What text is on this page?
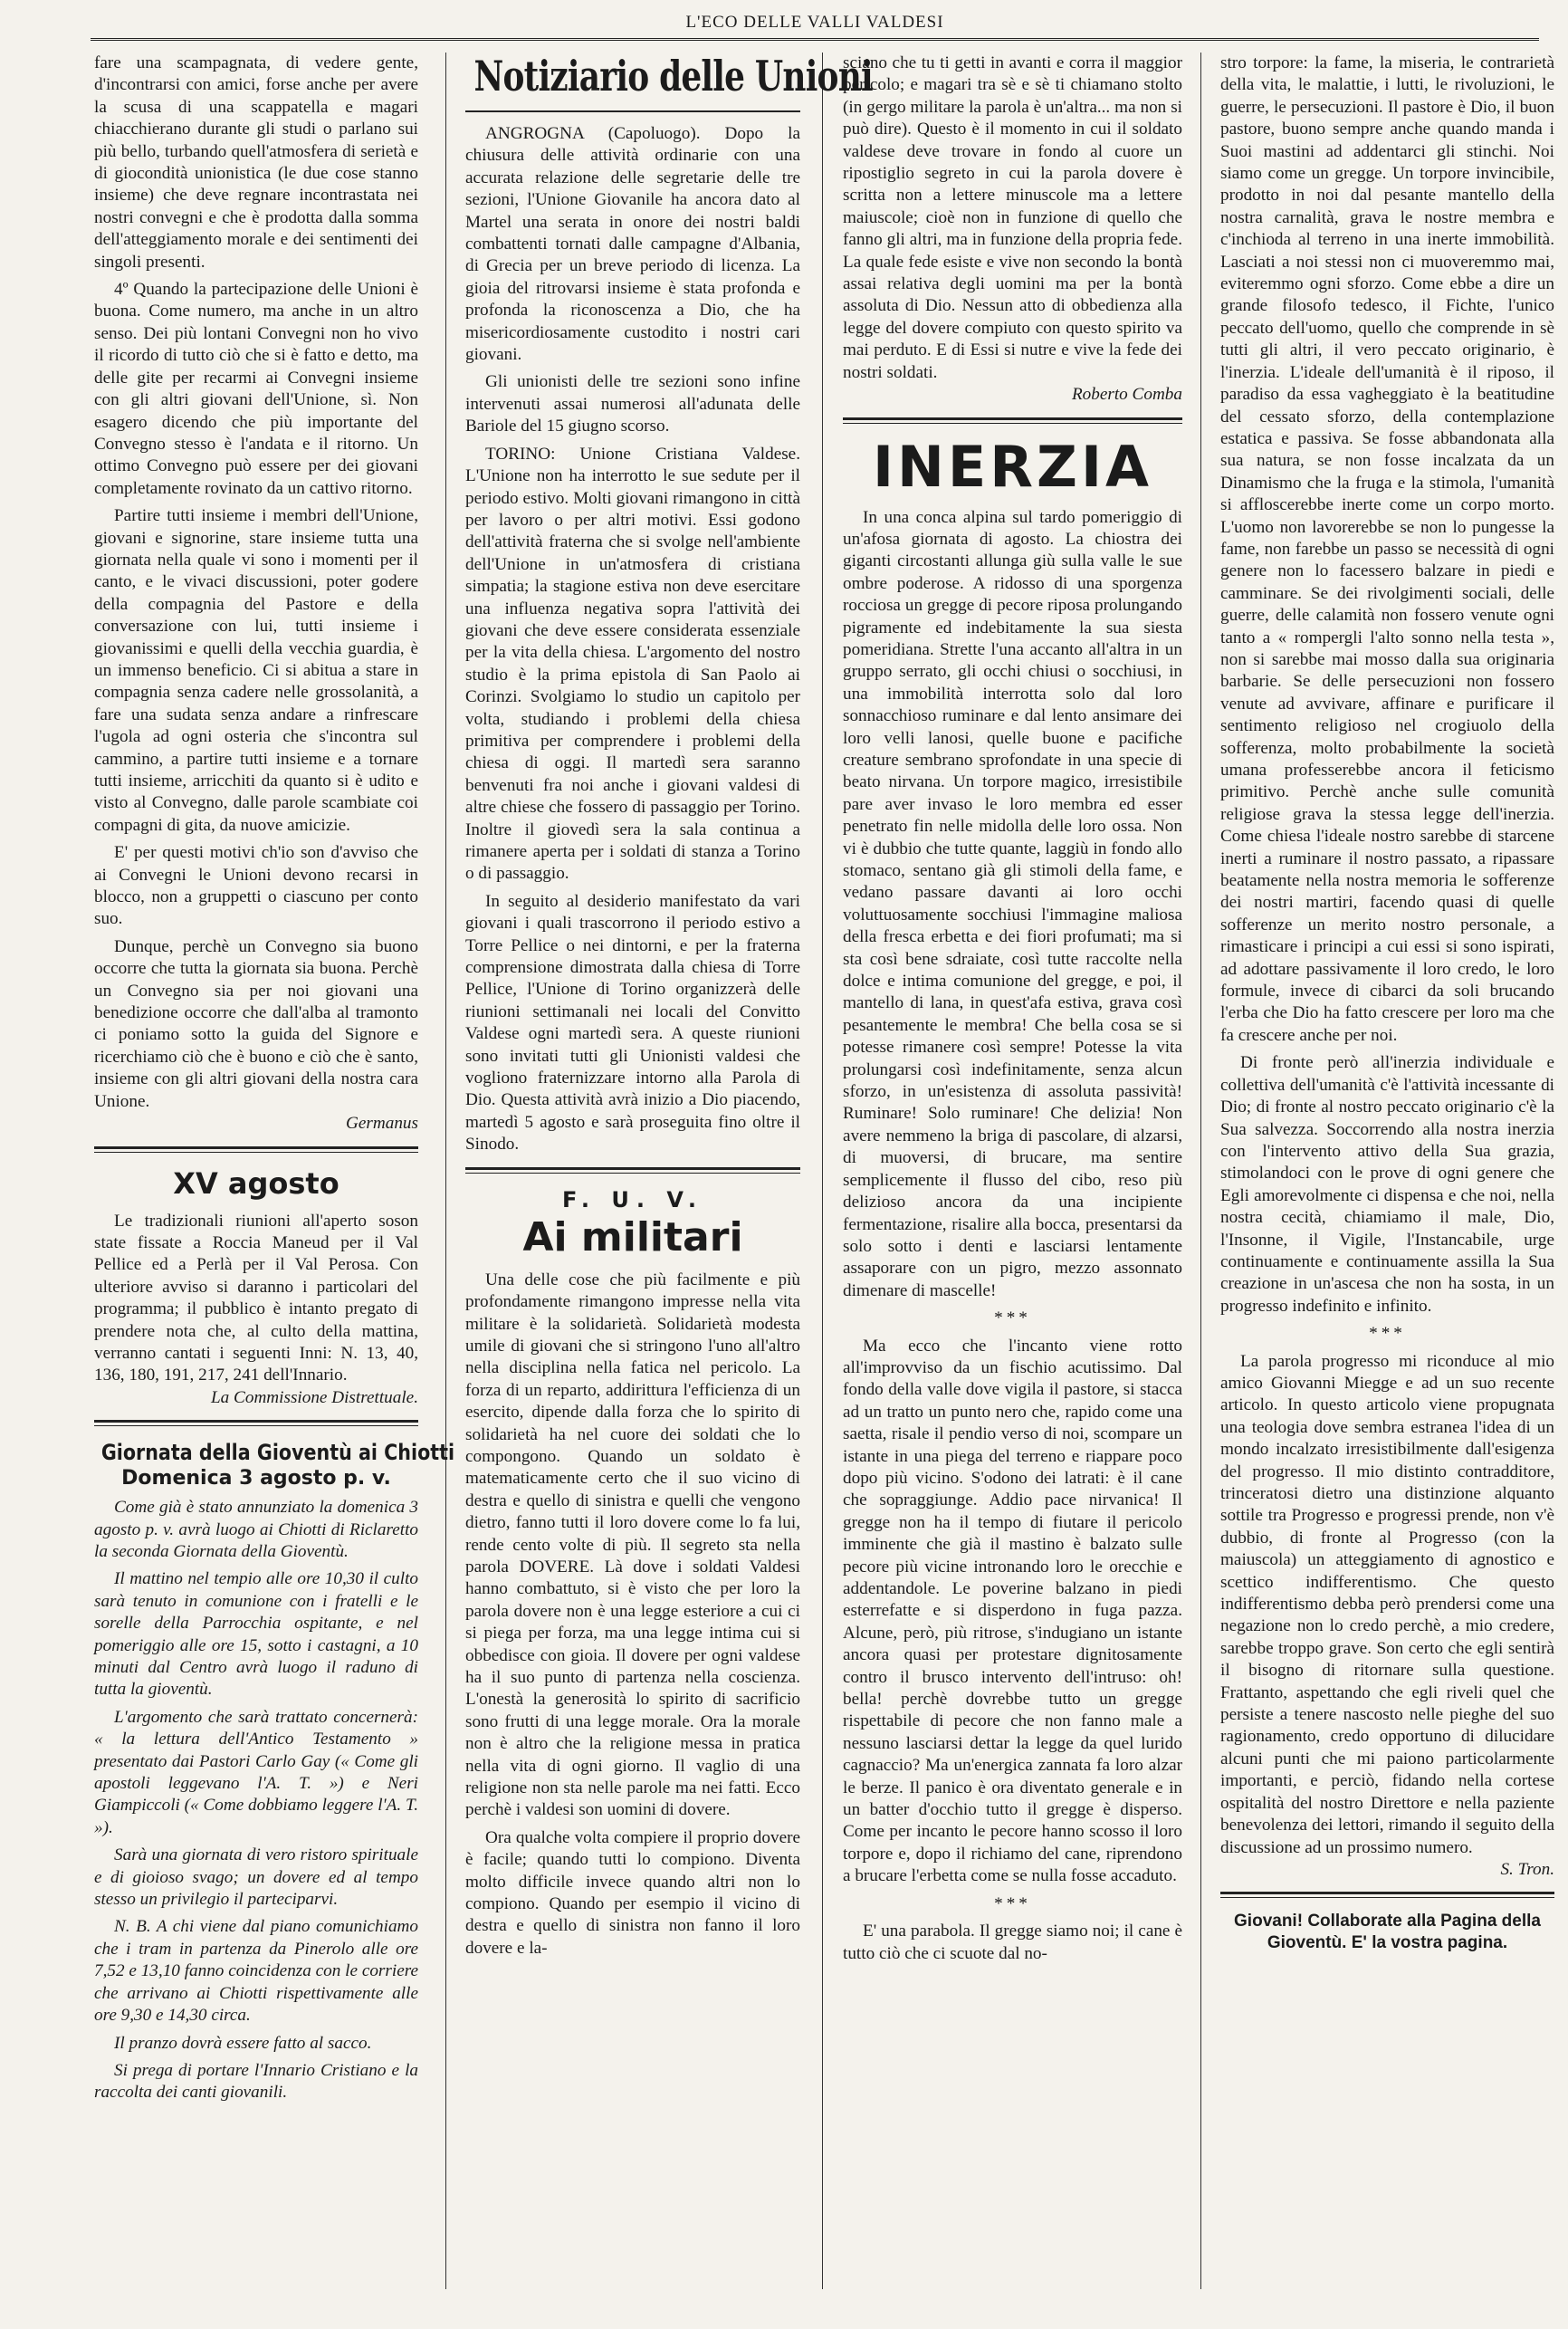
L'ECO DELLE VALLI VALDESI

fare una scampagnata, di vedere gente, d'incontrarsi con amici, forse anche per avere la scusa di una scappatella e magari chiacchierano durante gli studi o parlano sui più bello, turbando quell'atmosfera di serietà e di giocondità unionistica (le due cose stanno insieme) che deve regnare incontrastata nei nostri convegni e che è prodotta dalla somma dell'atteggiamento morale e dei sentimenti dei singoli presenti.

4º Quando la partecipazione delle Unioni è buona. Come numero, ma anche in un altro senso. Dei più lontani Convegni non ho vivo il ricordo di tutto ciò che si è fatto e detto, ma delle gite per recarmi ai Convegni insieme con gli altri giovani dell'Unione, sì. Non esagero dicendo che più importante del Convegno stesso è l'andata e il ritorno. Un ottimo Convegno può essere per dei giovani completamente rovinato da un cattivo ritorno.

Partire tutti insieme i membri dell'Unione, giovani e signorine, stare insieme tutta una giornata nella quale vi sono i momenti per il canto, e le vivaci discussioni, poter godere della compagnia del Pastore e della conversazione con lui, tutti insieme i giovanissimi e quelli della vecchia guardia, è un immenso beneficio. Ci si abitua a stare in compagnia senza cadere nelle grossolanità, a fare una sudata senza andare a rinfrescare l'ugola ad ogni osteria che s'incontra sul cammino, a partire tutti insieme e a tornare tutti insieme, arricchiti da quanto si è udito e visto al Convegno, dalle parole scambiate coi compagni di gita, da nuove amicizie.

E' per questi motivi ch'io son d'avviso che ai Convegni le Unioni devono recarsi in blocco, non a gruppetti o ciascuno per conto suo.

Dunque, perchè un Convegno sia buono occorre che tutta la giornata sia buona. Perchè un Convegno sia per noi giovani una benedizione occorre che dall'alba al tramonto ci poniamo sotto la guida del Signore e ricerchiamo ciò che è buono e ciò che è santo, insieme con gli altri giovani della nostra cara Unione.

Germanus
XV agosto

Le tradizionali riunioni all'aperto soson state fissate a Roccia Maneud per il Val Pellice ed a Perlà per il Val Perosa. Con ulteriore avviso si daranno i particolari del programma; il pubblico è intanto pregato di prendere nota che, al culto della mattina, verranno cantati i seguenti Inni: N. 13, 40, 136, 180, 191, 217, 241 dell'Innario.

La Commissione Distrettuale.
Giornata della Gioventù ai Chiotti
Domenica 3 agosto p. v.

Come già è stato annunziato la domenica 3 agosto p. v. avrà luogo ai Chiotti di Riclaretto la seconda Giornata della Gioventù.

Il mattino nel tempio alle ore 10,30 il culto sarà tenuto in comunione con i fratelli e le sorelle della Parrocchia ospitante, e nel pomeriggio alle ore 15, sotto i castagni, a 10 minuti dal Centro avrà luogo il raduno di tutta la gioventù.

L'argomento che sarà trattato concernerà: « la lettura dell'Antico Testamento » presentato dai Pastori Carlo Gay (« Come gli apostoli leggevano l'A. T. ») e Neri Giampiccoli (« Come dobbiamo leggere l'A. T. »).

Sarà una giornata di vero ristoro spirituale e di gioioso svago; un dovere ed al tempo stesso un privilegio il parteciparvi.

N. B. A chi viene dal piano comunichiamo che i tram in partenza da Pinerolo alle ore 7,52 e 13,10 fanno coincidenza con le corriere che arrivano ai Chiotti rispettivamente alle ore 9,30 e 14,30 circa.

Il pranzo dovrà essere fatto al sacco.

Si prega di portare l'Innario Cristiano e la raccolta dei canti giovanili.

Notiziario delle Unioni

ANGROGNA (Capoluogo). Dopo la chiusura delle attività ordinarie con una accurata relazione delle segretarie delle tre sezioni, l'Unione Giovanile ha ancora dato al Martel una serata in onore dei nostri baldi combattenti tornati dalle campagne d'Albania, di Grecia per un breve periodo di licenza. La gioia del ritrovarsi insieme è stata profonda e profonda la riconoscenza a Dio, che ha misericordiosamente custodito i nostri cari giovani.

Gli unionisti delle tre sezioni sono infine intervenuti assai numerosi all'adunata delle Bariole del 15 giugno scorso.

TORINO: Unione Cristiana Valdese. L'Unione non ha interrotto le sue sedute per il periodo estivo. Molti giovani rimangono in città per lavoro o per altri motivi. Essi godono dell'attività fraterna che si svolge nell'ambiente dell'Unione in un'atmosfera di cristiana simpatia; la stagione estiva non deve esercitare una influenza negativa sopra l'attività dei giovani che deve essere considerata essenziale per la vita della chiesa. L'argomento del nostro studio è la prima epistola di San Paolo ai Corinzi. Svolgiamo lo studio un capitolo per volta, studiando i problemi della chiesa primitiva per comprendere i problemi della chiesa di oggi. Il martedì sera saranno benvenuti fra noi anche i giovani valdesi di altre chiese che fossero di passaggio per Torino. Inoltre il giovedì sera la sala continua a rimanere aperta per i soldati di stanza a Torino o di passaggio.

In seguito al desiderio manifestato da vari giovani i quali trascorrono il periodo estivo a Torre Pellice o nei dintorni, e per la fraterna comprensione dimostrata dalla chiesa di Torre Pellice, l'Unione di Torino organizzerà delle riunioni settimanali nei locali del Convitto Valdese ogni martedì sera. A queste riunioni sono invitati tutti gli Unionisti valdesi che vogliono fraternizzare intorno alla Parola di Dio. Questa attività avrà inizio a Dio piacendo, martedì 5 agosto e sarà proseguita fino oltre il Sinodo.

F. U. V.
Ai militari

Una delle cose che più facilmente e più profondamente rimangono impresse nella vita militare è la solidarietà. Solidarietà modesta umile di giovani che si stringono l'uno all'altro nella disciplina nella fatica nel pericolo. La forza di un reparto, addirittura l'efficienza di un esercito, dipende dalla forza che lo spirito di solidarietà ha nel cuore dei soldati che lo compongono. Quando un soldato è matematicamente certo che il suo vicino di destra e quello di sinistra e quelli che vengono dietro, fanno tutti il loro dovere come lo fa lui, rende cento volte di più. Il segreto sta nella parola DOVERE. Là dove i soldati Valdesi hanno combattuto, si è visto che per loro la parola dovere non è una legge esteriore a cui ci si piega per forza, ma una legge intima cui si obbedisce con gioia. Il dovere per ogni valdese ha il suo punto di partenza nella coscienza. L'onestà la generosità lo spirito di sacrificio sono frutti di una legge morale. Ora la morale non è altro che la religione messa in pratica nella vita di ogni giorno. Il vaglio di una religione non sta nelle parole ma nei fatti. Ecco perchè i valdesi son uomini di dovere.

Ora qualche volta compiere il proprio dovere è facile; quando tutti lo compiono. Diventa molto difficile invece quando altri non lo compiono. Quando per esempio il vicino di destra e quello di sinistra non fanno il loro dovere e la-

sciano che tu ti getti in avanti e corra il maggior pericolo; e magari tra sè e sè ti chiamano stolto (in gergo militare la parola è un'altra... ma non si può dire). Questo è il momento in cui il soldato valdese deve trovare in fondo al cuore un ripostiglio segreto in cui la parola dovere è scritta non a lettere minuscole ma a lettere maiuscole; cioè non in funzione di quello che fanno gli altri, ma in funzione della propria fede. La quale fede esiste e vive non secondo la bontà assai relativa degli uomini ma per la bontà assoluta di Dio. Nessun atto di obbedienza alla legge del dovere compiuto con questo spirito va mai perduto. E di Essi si nutre e vive la fede dei nostri soldati.

Roberto Comba
INERZIA

In una conca alpina sul tardo pomeriggio di un'afosa giornata di agosto. La chiostra dei giganti circostanti allunga giù sulla valle le sue ombre poderose. A ridosso di una sporgenza rocciosa un gregge di pecore riposa prolungando pigramente ed indebitamente la sua siesta pomeridiana. Strette l'una accanto all'altra in un gruppo serrato, gli occhi chiusi o socchiusi, in una immobilità interrotta solo dal loro sonnacchioso ruminare e dal lento ansimare dei loro velli lanosi, quelle buone e pacifiche creature sembrano sprofondate in una specie di beato nirvana. Un torpore magico, irresistibile pare aver invaso le loro membra ed esser penetrato fin nelle midolla delle loro ossa. Non vi è dubbio che tutte quante, laggiù in fondo allo stomaco, sentano già gli stimoli della fame, e vedano passare davanti ai loro occhi voluttuosamente socchiusi l'immagine maliosa della fresca erbetta e dei fiori profumati; ma si sta così bene sdraiate, così tutte raccolte nella dolce e intima comunione del gregge, e poi, il mantello di lana, in quest'afa estiva, grava così pesantemente le membra! Che bella cosa se si potesse rimanere così sempre! Potesse la vita prolungarsi così indefinitamente, senza alcun sforzo, in un'esistenza di assoluta passività! Ruminare! Solo ruminare! Che delizia! Non avere nemmeno la briga di pascolare, di alzarsi, di muoversi, di brucare, ma sentire semplicemente il flusso del cibo, reso più delizioso ancora da una incipiente fermentazione, risalire alla bocca, presentarsi da solo sotto i denti e lasciarsi lentamente assaporare con un pigro, mezzo assonnato dimenare di mascelle!

***

Ma ecco che l'incanto viene rotto all'improvviso da un fischio acutissimo. Dal fondo della valle dove vigila il pastore, si stacca ad un tratto un punto nero che, rapido come una saetta, risale il pendio verso di noi, scompare un istante in una piega del terreno e riappare poco dopo più vicino. S'odono dei latrati: è il cane che sopraggiunge. Addio pace nirvanica! Il gregge non ha il tempo di fiutare il pericolo imminente che già il mastino è balzato sulle pecore più vicine intronando loro le orecchie e addentandole. Le poverine balzano in piedi esterrefatte e si disperdono in fuga pazza. Alcune, però, più ritrose, s'indugiano un istante ancora quasi per protestare dignitosamente contro il brusco intervento dell'intruso: oh! bella! perchè dovrebbe tutto un gregge rispettabile di pecore che non fanno male a nessuno lasciarsi dettar la legge da quel lurido cagnaccio? Ma un'energica zannata fa loro alzar le berze. Il panico è ora diventato generale e in un batter d'occhio tutto il gregge è disperso. Come per incanto le pecore hanno scosso il loro torpore e, dopo il richiamo del cane, riprendono a brucare l'erbetta come se nulla fosse accaduto.

***

E' una parabola. Il gregge siamo noi; il cane è tutto ciò che ci scuote dal no-

stro torpore: la fame, la miseria, le contrarietà della vita, le malattie, i lutti, le rivoluzioni, le guerre, le persecuzioni. Il pastore è Dio, il buon pastore, buono sempre anche quando manda i Suoi mastini ad addentarci gli stinchi. Noi siamo come un gregge. Un torpore invincibile, prodotto in noi dal pesante mantello della nostra carnalità, grava le nostre membra e c'inchioda al terreno in una inerte immobilità. Lasciati a noi stessi non ci muoveremmo mai, eviteremmo ogni sforzo. Come ebbe a dire un grande filosofo tedesco, il Fichte, l'unico peccato dell'uomo, quello che comprende in sè tutti gli altri, il vero peccato originario, è l'inerzia. L'ideale dell'umanità è il riposo, il paradiso da essa vagheggiato è la beatitudine del cessato sforzo, della contemplazione estatica e passiva. Se fosse abbandonata alla sua natura, se non fosse incalzata da un Dinamismo che la fruga e la stimola, l'umanità si affloscerebbe inerte come un corpo morto. L'uomo non lavorerebbe se non lo pungesse la fame, non farebbe un passo se necessità di ogni genere non lo facessero balzare in piedi e camminare. Se dei rivolgimenti sociali, delle guerre, delle calamità non fossero venute ogni tanto a « rompergli l'alto sonno nella testa », non si sarebbe mai mosso dalla sua originaria barbarie. Se delle persecuzioni non fossero venute ad avvivare, affinare e purificare il sentimento religioso nel crogiuolo della sofferenza, molto probabilmente la società umana professerebbe ancora il feticismo primitivo. Perchè anche sulle comunità religiose grava la stessa legge dell'inerzia. Come chiesa l'ideale nostro sarebbe di starcene inerti a ruminare il nostro passato, a ripassare beatamente nella nostra memoria le sofferenze dei nostri martiri, facendo quasi di quelle sofferenze un merito nostro personale, a rimasticare i principi a cui essi si sono ispirati, ad adottare passivamente il loro credo, le loro formule, invece di cibarci da soli brucando l'erba che Dio ha fatto crescere per loro ma che fa crescere anche per noi.

Di fronte però all'inerzia individuale e collettiva dell'umanità c'è l'attività incessante di Dio; di fronte al nostro peccato originario c'è la Sua salvezza. Soccorrendo alla nostra inerzia con l'intervento attivo della Sua grazia, stimolandoci con le prove di ogni genere che Egli amorevolmente ci dispensa e che noi, nella nostra cecità, chiamiamo il male, Dio, l'Insonne, il Vigile, l'Instancabile, urge continuamente e continuamente assilla la Sua creazione in un'ascesa che non ha sosta, in un progresso indefinito e infinito.

***

La parola progresso mi riconduce al mio amico Giovanni Miegge e ad un suo recente articolo. In questo articolo viene propugnata una teologia dove sembra estranea l'idea di un mondo incalzato irresistibilmente dall'esigenza del progresso. Il mio distinto contradditore, trinceratosi dietro una distinzione alquanto sottile tra Progresso e progressi prende, non v'è dubbio, di fronte al Progresso (con la maiuscola) un atteggiamento di agnostico e scettico indifferentismo. Che questo indifferentismo debba però prendersi come una negazione non lo credo perchè, a mio credere, sarebbe troppo grave. Son certo che egli sentirà il bisogno di ritornare sulla questione. Frattanto, aspettando che egli riveli quel che persiste a tenere nascosto nelle pieghe del suo ragionamento, credo opportuno di dilucidare alcuni punti che mi paiono particolarmente importanti, e perciò, fidando nella cortese ospitalità del nostro Direttore e nella paziente benevolenza dei lettori, rimando il seguito della discussione ad un prossimo numero.

S. Tron.
Giovani! Collaborate alla Pagina della Gioventù. E' la vostra pagina.
